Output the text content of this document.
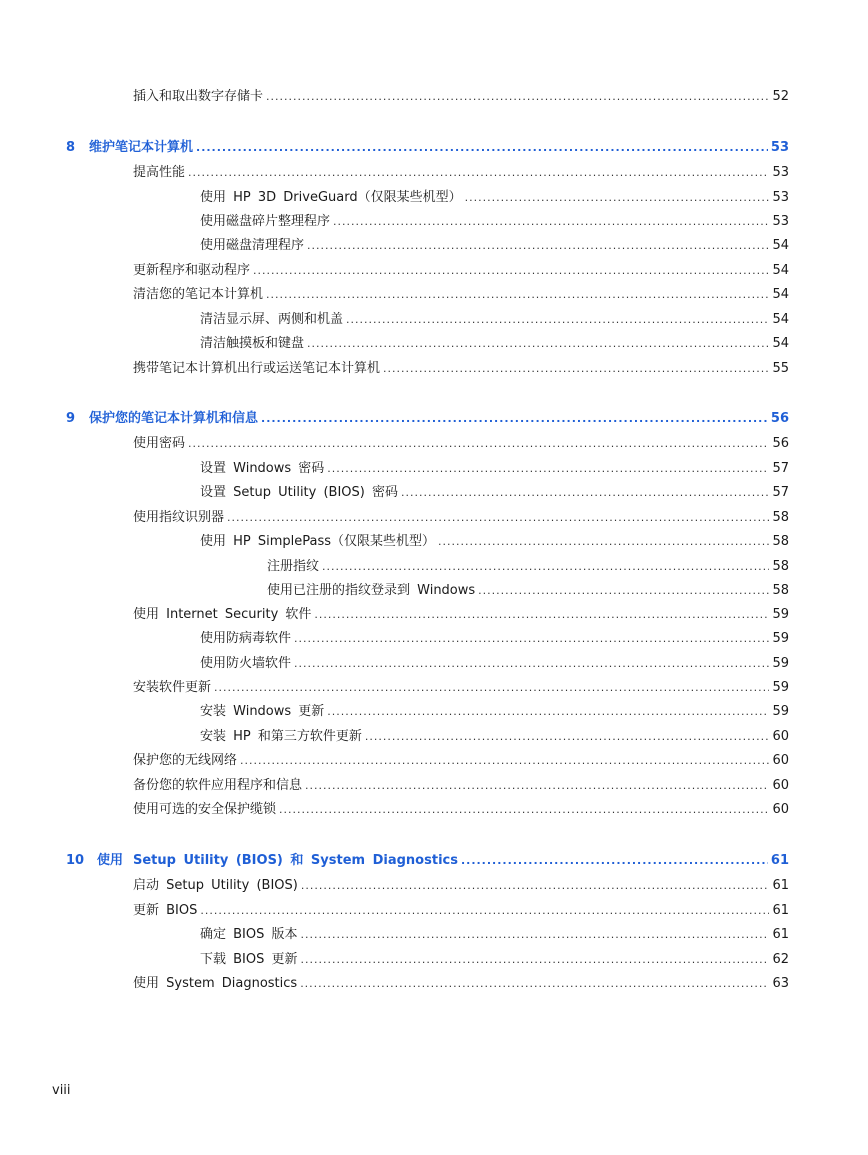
插入和取出数字存储卡 .....	52
8 维护笔记本计算机 .....	53
提高性能 .....	53
使用 HP 3D DriveGuard（仅限某些机型） .....	53
使用磁盘碎片整理程序 .....	53
使用磁盘清理程序 .....	54
更新程序和驱动程序 .....	54
清洁您的笔记本计算机 .....	54
清洁显示屏、两侧和机盖 .....	54
清洁触摸板和键盘 .....	54
携带笔记本计算机出行或运送笔记本计算机 .....	55
9 保护您的笔记本计算机和信息 .....	56
使用密码 .....	56
设置 Windows 密码 .....	57
设置 Setup Utility (BIOS) 密码 .....	57
使用指纹识别器 .....	58
使用 HP SimplePass（仅限某些机型） .....	58
注册指纹 .....	58
使用已注册的指纹登录到 Windows .....	58
使用 Internet Security 软件 .....	59
使用防病毒软件 .....	59
使用防火墙软件 .....	59
安装软件更新 .....	59
安装 Windows 更新 .....	59
安装 HP 和第三方软件更新 .....	60
保护您的无线网络 .....	60
备份您的软件应用程序和信息 .....	60
使用可选的安全保护缆锁 .....	60
10 使用 Setup Utility (BIOS) 和 System Diagnostics .....	61
启动 Setup Utility (BIOS) .....	61
更新 BIOS .....	61
确定 BIOS 版本 .....	61
下载 BIOS 更新 .....	62
使用 System Diagnostics .....	63
viii
